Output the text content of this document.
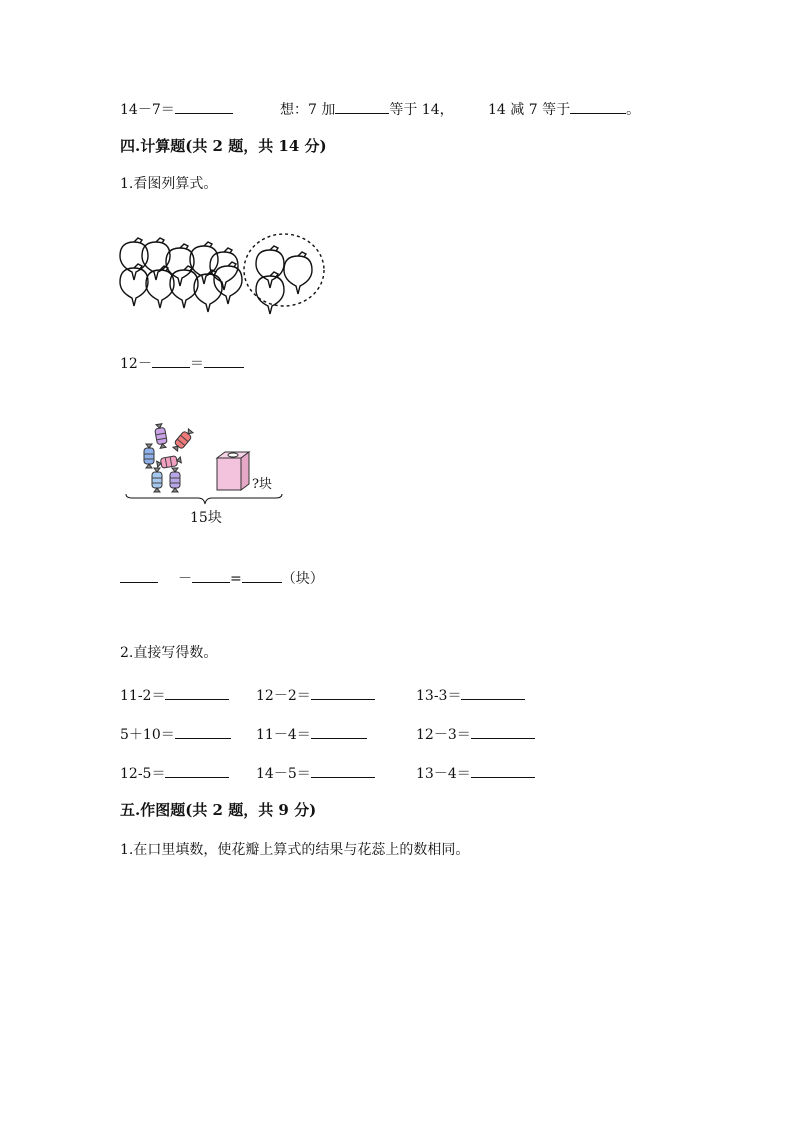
14－7＝	想：7 加	等于 14， 14 减 7 等于	。
四.计算题(共 2 题，共 14 分)
1.看图列算式。
12－	＝
?块
15块
－	=	（块）
2.直接写得数。
11-2＝	12－2＝	13-3＝
5＋10＝	11－4＝	12－3＝
12-5＝	14－5＝	13－4＝
五.作图题(共 2 题，共 9 分)
1.在口里填数，使花瓣上算式的结果与花蕊上的数相同。
